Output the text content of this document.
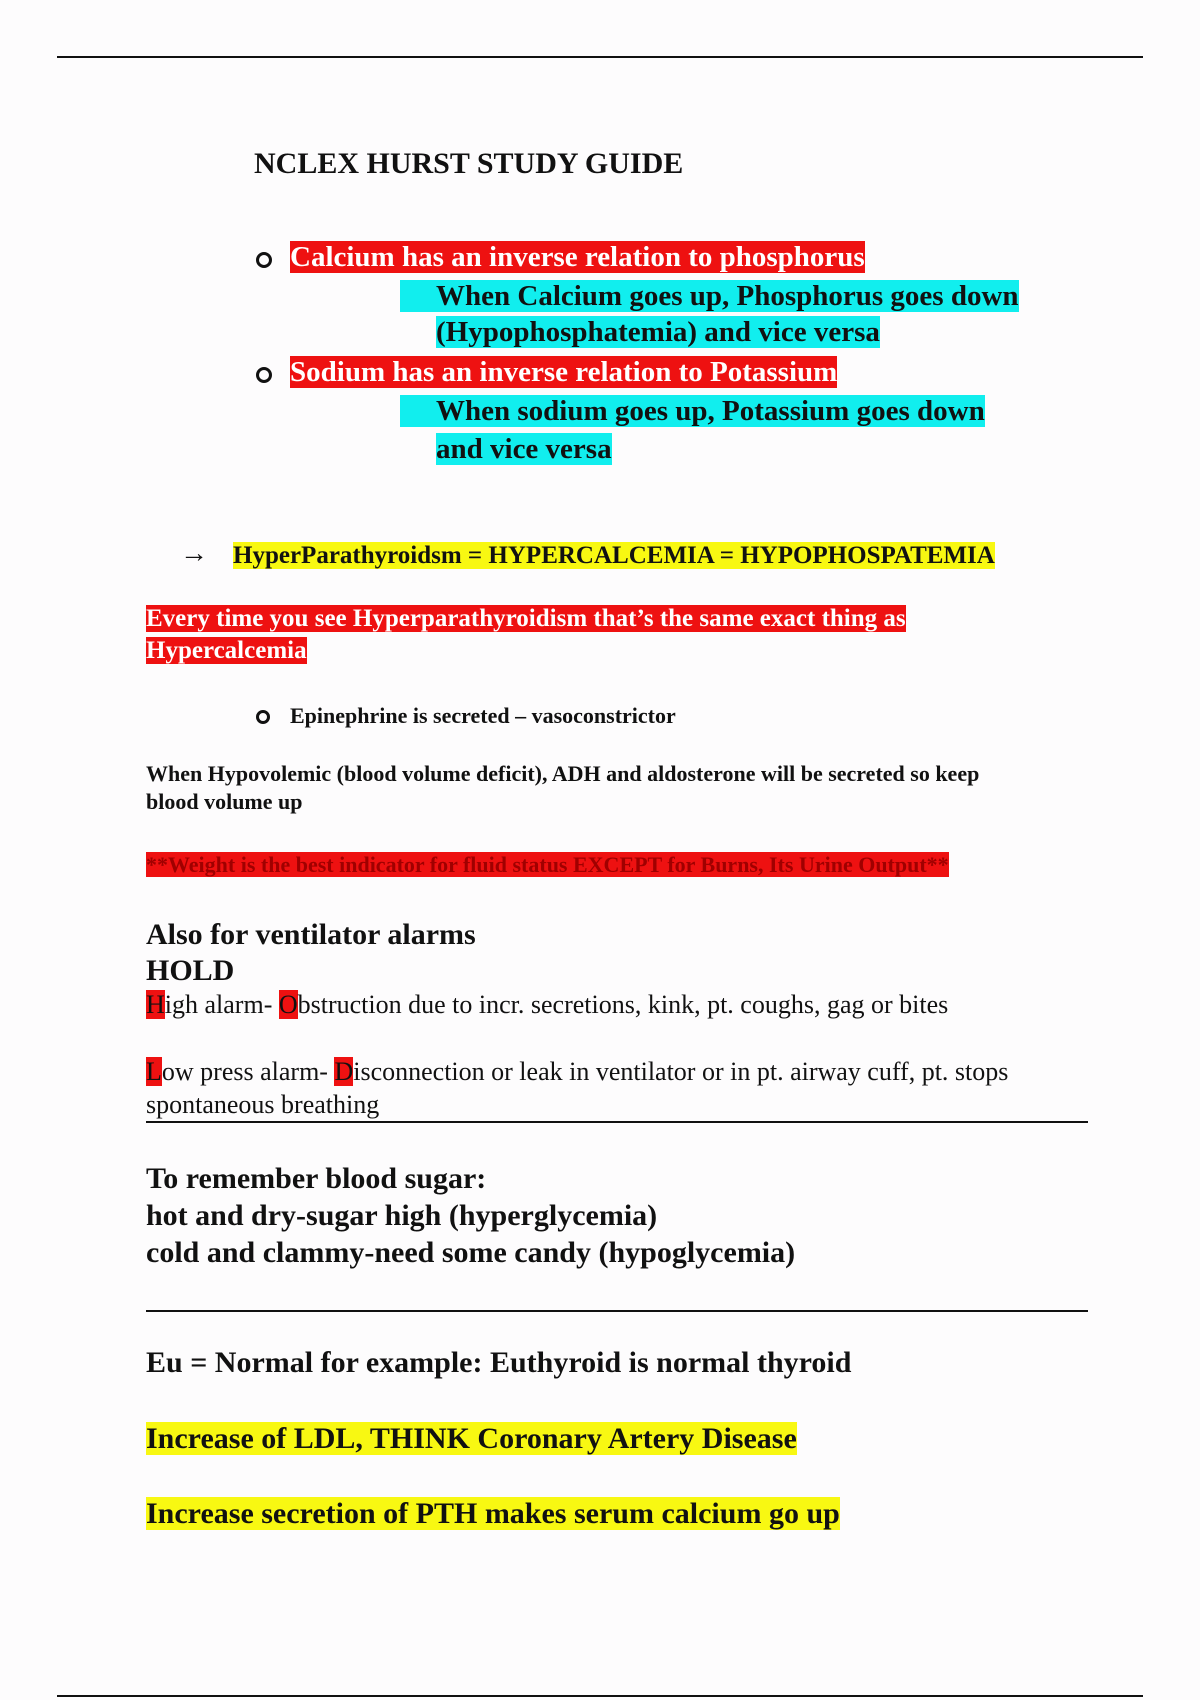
NCLEX HURST STUDY GUIDE
Calcium has an inverse relation to phosphorus
When Calcium goes up, Phosphorus goes down
(Hypophosphatemia) and vice versa
Sodium has an inverse relation to Potassium
When sodium goes up, Potassium goes down
and vice versa
→ HyperParathyroidsm = HYPERCALCEMIA = HYPOPHOSPATEMIA
Every time you see Hyperparathyroidism that’s the same exact thing as
Hypercalcemia
Epinephrine is secreted – vasoconstrictor
When Hypovolemic (blood volume deficit), ADH and aldosterone will be secreted so keep
blood volume up
**Weight is the best indicator for fluid status EXCEPT for Burns, Its Urine Output**
Also for ventilator alarms
HOLD
High alarm- Obstruction due to incr. secretions, kink, pt. coughs, gag or bites
Low press alarm- Disconnection or leak in ventilator or in pt. airway cuff, pt. stops
spontaneous breathing
To remember blood sugar:
hot and dry-sugar high (hyperglycemia)
cold and clammy-need some candy (hypoglycemia)
Eu = Normal for example: Euthyroid is normal thyroid
Increase of LDL, THINK Coronary Artery Disease
Increase secretion of PTH makes serum calcium go up
